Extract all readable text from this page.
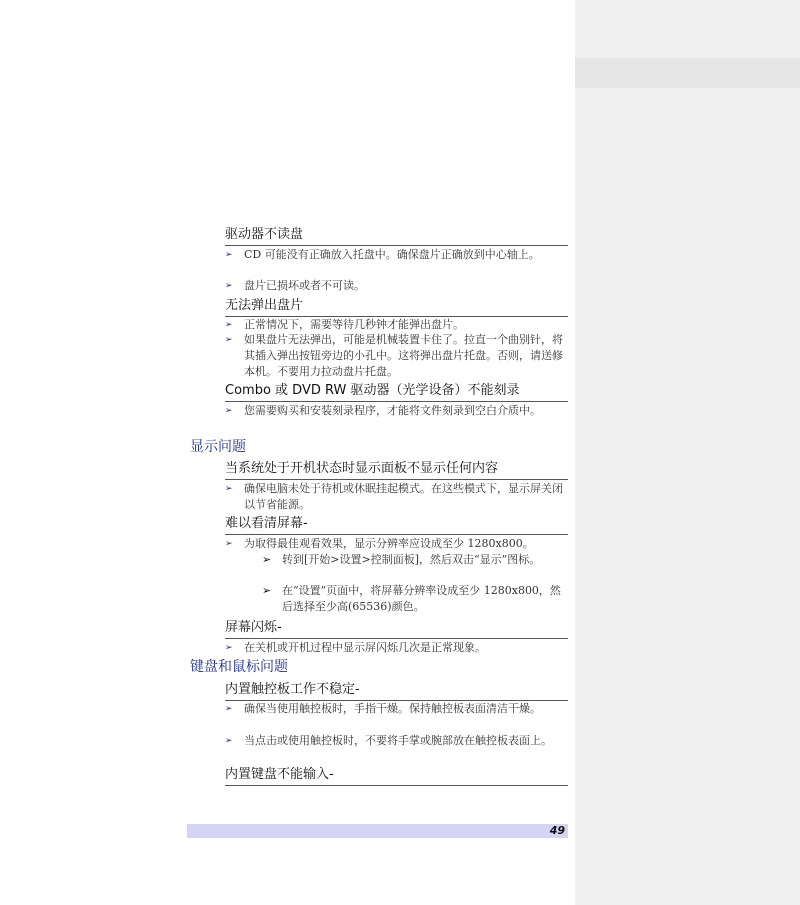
驱动器不读盘
➢	CD 可能没有正确放入托盘中。确保盘片正确放到中心轴上。
➢	盘片已损坏或者不可读。
无法弹出盘片
➢	正常情况下，需要等待几秒钟才能弹出盘片。
➢	如果盘片无法弹出，可能是机械装置卡住了。拉直一个曲别针，将其插入弹出按钮旁边的小孔中。这将弹出盘片托盘。否则，请送修本机。不要用力拉动盘片托盘。
Combo 或 DVD RW 驱动器（光学设备）不能刻录
➢	您需要购买和安装刻录程序，才能将文件刻录到空白介质中。
显示问题
当系统处于开机状态时显示面板不显示任何内容
➢	确保电脑未处于待机或休眠挂起模式。在这些模式下，显示屏关闭以节省能源。
难以看清屏幕-
➢	为取得最佳观看效果，显示分辨率应设成至少 1280x800。
➢ 转到[开始>设置>控制面板]，然后双击“显示”图标。
➢ 在“设置”页面中，将屏幕分辨率设成至少 1280x800，然后选择至少高(65536)颜色。
屏幕闪烁-
➢	在关机或开机过程中显示屏闪烁几次是正常现象。
键盘和鼠标问题
内置触控板工作不稳定-
➢	确保当使用触控板时，手指干燥。保持触控板表面清洁干燥。
➢	当点击或使用触控板时，不要将手掌或腕部放在触控板表面上。
内置键盘不能输入-
49
